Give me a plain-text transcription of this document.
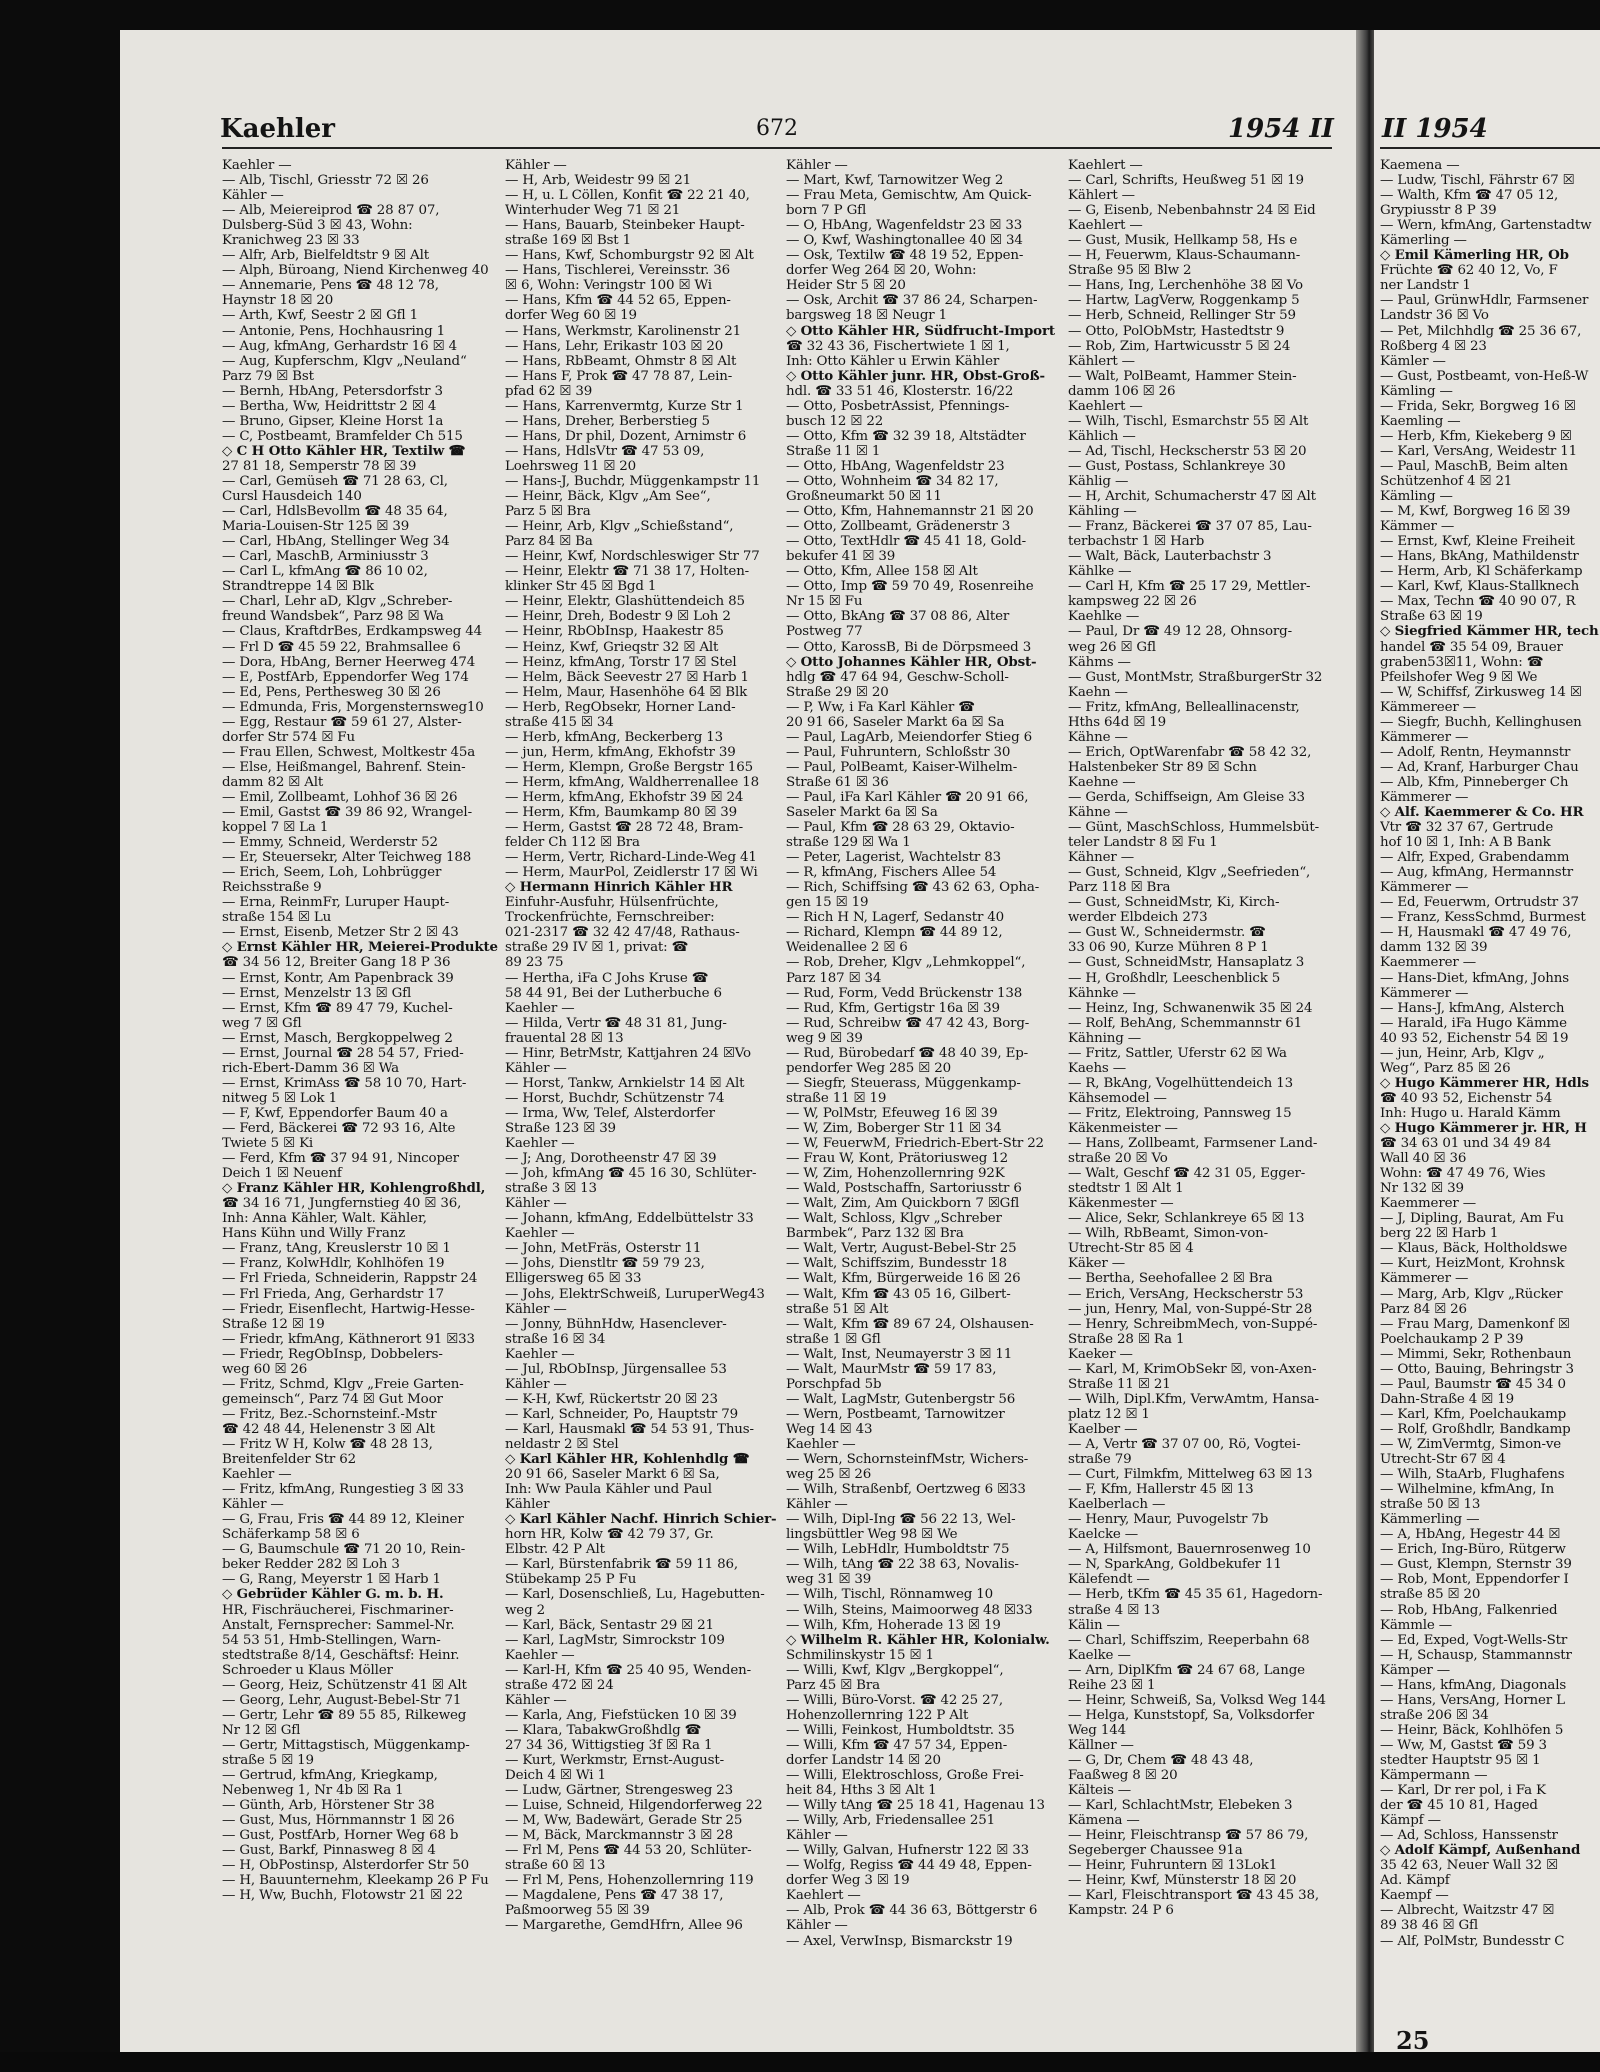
Kaehler	672	1954 II II 1954
Kaehler —
— Alb, Tischl, Griesstr 72 ☒ 26
Kähler —
— Alb, Meiereiprod ☎ 28 87 07,
Dulsberg-Süd 3 ☒ 43, Wohn:
Kranichweg 23 ☒ 33
— Alfr, Arb, Bielfeldtstr 9 ☒ Alt
— Alph, Büroang, Niend Kirchenweg 40
— Annemarie, Pens ☎ 48 12 78,
Haynstr 18 ☒ 20
— Arth, Kwf, Seestr 2 ☒ Gfl 1
— Antonie, Pens, Hochhausring 1
— Aug, kfmAng, Gerhardstr 16 ☒ 4
— Aug, Kupferschm, Klgv „Neuland“
Parz 79 ☒ Bst
— Bernh, HbAng, Petersdorfstr 3
— Bertha, Ww, Heidrittstr 2 ☒ 4
— Bruno, Gipser, Kleine Horst 1a
— C, Postbeamt, Bramfelder Ch 515
◇ C H Otto Kähler HR, Textilw ☎
27 81 18, Semperstr 78 ☒ 39
— Carl, Gemüseh ☎ 71 28 63, Cl,
Cursl Hausdeich 140
— Carl, HdlsBevollm ☎ 48 35 64,
Maria-Louisen-Str 125 ☒ 39
— Carl, HbAng, Stellinger Weg 34
— Carl, MaschB, Arminiusstr 3
— Carl L, kfmAng ☎ 86 10 02,
Strandtreppe 14 ☒ Blk
— Charl, Lehr aD, Klgv „Schreber-
freund Wandsbek“, Parz 98 ☒ Wa
— Claus, KraftdrBes, Erdkampsweg 44
— Frl D ☎ 45 59 22, Brahmsallee 6
— Dora, HbAng, Berner Heerweg 474
— E, PostfArb, Eppendorfer Weg 174
— Ed, Pens, Perthesweg 30 ☒ 26
— Edmunda, Fris, Morgensternsweg10
— Egg, Restaur ☎ 59 61 27, Alster-
dorfer Str 574 ☒ Fu
— Frau Ellen, Schwest, Moltkestr 45a
— Else, Heißmangel, Bahrenf. Stein-
damm 82 ☒ Alt
— Emil, Zollbeamt, Lohhof 36 ☒ 26
— Emil, Gastst ☎ 39 86 92, Wrangel-
koppel 7 ☒ La 1
— Emmy, Schneid, Werderstr 52
— Er, Steuersekr, Alter Teichweg 188
— Erich, Seem, Loh, Lohbrügger
Reichsstraße 9
— Erna, ReinmFr, Luruper Haupt-
straße 154 ☒ Lu
— Ernst, Eisenb, Metzer Str 2 ☒ 43
◇ Ernst Kähler HR, Meierei-Produkte
☎ 34 56 12, Breiter Gang 18 P 36
— Ernst, Kontr, Am Papenbrack 39
— Ernst, Menzelstr 13 ☒ Gfl
— Ernst, Kfm ☎ 89 47 79, Kuchel-
weg 7 ☒ Gfl
— Ernst, Masch, Bergkoppelweg 2
— Ernst, Journal ☎ 28 54 57, Fried-
rich-Ebert-Damm 36 ☒ Wa
— Ernst, KrimAss ☎ 58 10 70, Hart-
nitweg 5 ☒ Lok 1
— F, Kwf, Eppendorfer Baum 40 a
— Ferd, Bäckerei ☎ 72 93 16, Alte
Twiete 5 ☒ Ki
— Ferd, Kfm ☎ 37 94 91, Nincoper
Deich 1 ☒ Neuenf
◇ Franz Kähler HR, Kohlengroßhdl,
☎ 34 16 71, Jungfernstieg 40 ☒ 36,
Inh: Anna Kähler, Walt. Kähler,
Hans Kühn und Willy Franz
— Franz, tAng, Kreuslerstr 10 ☒ 1
— Franz, KolwHdlr, Kohlhöfen 19
— Frl Frieda, Schneiderin, Rappstr 24
— Frl Frieda, Ang, Gerhardstr 17
— Friedr, Eisenflecht, Hartwig-Hesse-
Straße 12 ☒ 19
— Friedr, kfmAng, Käthnerort 91 ☒33
— Friedr, RegObInsp, Dobbelers-
weg 60 ☒ 26
— Fritz, Schmd, Klgv „Freie Garten-
gemeinsch“, Parz 74 ☒ Gut Moor
— Fritz, Bez.-Schornsteinf.-Mstr
☎ 42 48 44, Helenenstr 3 ☒ Alt
— Fritz W H, Kolw ☎ 48 28 13,
Breitenfelder Str 62
Kaehler —
— Fritz, kfmAng, Rungestieg 3 ☒ 33
Kähler —
— G, Frau, Fris ☎ 44 89 12, Kleiner
Schäferkamp 58 ☒ 6
— G, Baumschule ☎ 71 20 10, Rein-
beker Redder 282 ☒ Loh 3
— G, Rang, Meyerstr 1 ☒ Harb 1
◇ Gebrüder Kähler G. m. b. H.
HR, Fischräucherei, Fischmariner-
Anstalt, Fernsprecher: Sammel-Nr.
54 53 51, Hmb-Stellingen, Warn-
stedtstraße 8/14, Geschäftsf: Heinr.
Schroeder u Klaus Möller
— Georg, Heiz, Schützenstr 41 ☒ Alt
— Georg, Lehr, August-Bebel-Str 71
— Gertr, Lehr ☎ 89 55 85, Rilkeweg
Nr 12 ☒ Gfl
— Gertr, Mittagstisch, Müggenkamp-
straße 5 ☒ 19
— Gertrud, kfmAng, Kriegkamp,
Nebenweg 1, Nr 4b ☒ Ra 1
— Günth, Arb, Hörstener Str 38
— Gust, Mus, Hörnmannstr 1 ☒ 26
— Gust, PostfArb, Horner Weg 68 b
— Gust, Barkf, Pinnasweg 8 ☒ 4
— H, ObPostinsp, Alsterdorfer Str 50
— H, Bauunternehm, Kleekamp 26 P Fu
— H, Ww, Buchh, Flotowstr 21 ☒ 22
Kähler —
— H, Arb, Weidestr 99 ☒ 21
— H, u. L Cöllen, Konfit ☎ 22 21 40,
Winterhuder Weg 71 ☒ 21
— Hans, Bauarb, Steinbeker Haupt-
straße 169 ☒ Bst 1
— Hans, Kwf, Schomburgstr 92 ☒ Alt
— Hans, Tischlerei, Vereinsstr. 36
☒ 6, Wohn: Veringstr 100 ☒ Wi
— Hans, Kfm ☎ 44 52 65, Eppen-
dorfer Weg 60 ☒ 19
— Hans, Werkmstr, Karolinenstr 21
— Hans, Lehr, Erikastr 103 ☒ 20
— Hans, RbBeamt, Ohmstr 8 ☒ Alt
— Hans F, Prok ☎ 47 78 87, Lein-
pfad 62 ☒ 39
— Hans, Karrenvermtg, Kurze Str 1
— Hans, Dreher, Berberstieg 5
— Hans, Dr phil, Dozent, Arnimstr 6
— Hans, HdlsVtr ☎ 47 53 09,
Loehrsweg 11 ☒ 20
— Hans-J, Buchdr, Müggenkampstr 11
— Heinr, Bäck, Klgv „Am See“,
Parz 5 ☒ Bra
— Heinr, Arb, Klgv „Schießstand“,
Parz 84 ☒ Ba
— Heinr, Kwf, Nordschleswiger Str 77
— Heinr, Elektr ☎ 71 38 17, Holten-
klinker Str 45 ☒ Bgd 1
— Heinr, Elektr, Glashüttendeich 85
— Heinr, Dreh, Bodestr 9 ☒ Loh 2
— Heinr, RbObInsp, Haakestr 85
— Heinz, Kwf, Grieqstr 32 ☒ Alt
— Heinz, kfmAng, Torstr 17 ☒ Stel
— Helm, Bäck Seevestr 27 ☒ Harb 1
— Helm, Maur, Hasenhöhe 64 ☒ Blk
— Herb, RegObsekr, Horner Land-
straße 415 ☒ 34
— Herb, kfmAng, Beckerberg 13
— jun, Herm, kfmAng, Ekhofstr 39
— Herm, Klempn, Große Bergstr 165
— Herm, kfmAng, Waldherrenallee 18
— Herm, kfmAng, Ekhofstr 39 ☒ 24
— Herm, Kfm, Baumkamp 80 ☒ 39
— Herm, Gastst ☎ 28 72 48, Bram-
felder Ch 112 ☒ Bra
— Herm, Vertr, Richard-Linde-Weg 41
— Herm, MaurPol, Zeidlerstr 17 ☒ Wi
◇ Hermann Hinrich Kähler HR
Einfuhr-Ausfuhr, Hülsenfrüchte,
Trockenfrüchte, Fernschreiber:
021-2317 ☎ 32 42 47/48, Rathaus-
straße 29 IV ☒ 1, privat: ☎
89 23 75
— Hertha, iFa C Johs Kruse ☎
58 44 91, Bei der Lutherbuche 6
Kaehler —
— Hilda, Vertr ☎ 48 31 81, Jung-
frauental 28 ☒ 13
— Hinr, BetrMstr, Kattjahren 24 ☒Vo
Kähler —
— Horst, Tankw, Arnkielstr 14 ☒ Alt
— Horst, Buchdr, Schützenstr 74
— Irma, Ww, Telef, Alsterdorfer
Straße 123 ☒ 39
Kaehler —
— J; Ang, Dorotheenstr 47 ☒ 39
— Joh, kfmAng ☎ 45 16 30, Schlüter-
straße 3 ☒ 13
Kähler —
— Johann, kfmAng, Eddelbüttelstr 33
Kaehler —
— John, MetFräs, Osterstr 11
— Johs, Dienstltr ☎ 59 79 23,
Elligersweg 65 ☒ 33
— Johs, ElektrSchweiß, LuruperWeg43
Kähler —
— Jonny, BühnHdw, Hasenclever-
straße 16 ☒ 34
Kaehler —
— Jul, RbObInsp, Jürgensallee 53
Kähler —
— K-H, Kwf, Rückertstr 20 ☒ 23
— Karl, Schneider, Po, Hauptstr 79
— Karl, Hausmakl ☎ 54 53 91, Thus-
neldastr 2 ☒ Stel
◇ Karl Kähler HR, Kohlenhdlg ☎
20 91 66, Saseler Markt 6 ☒ Sa,
Inh: Ww Paula Kähler und Paul
Kähler
◇ Karl Kähler Nachf. Hinrich Schier-
horn HR, Kolw ☎ 42 79 37, Gr.
Elbstr. 42 P Alt
— Karl, Bürstenfabrik ☎ 59 11 86,
Stübekamp 25 P Fu
— Karl, Dosenschließ, Lu, Hagebutten-
weg 2
— Karl, Bäck, Sentastr 29 ☒ 21
— Karl, LagMstr, Simrockstr 109
Kaehler —
— Karl-H, Kfm ☎ 25 40 95, Wenden-
straße 472 ☒ 24
Kähler —
— Karla, Ang, Fiefstücken 10 ☒ 39
— Klara, TabakwGroßhdlg ☎
27 34 36, Wittigstieg 3f ☒ Ra 1
— Kurt, Werkmstr, Ernst-August-
Deich 4 ☒ Wi 1
— Ludw, Gärtner, Strengesweg 23
— Luise, Schneid, Hilgendorferweg 22
— M, Ww, Badewärt, Gerade Str 25
— M, Bäck, Marckmannstr 3 ☒ 28
— Frl M, Pens ☎ 44 53 20, Schlüter-
straße 60 ☒ 13
— Frl M, Pens, Hohenzollernring 119
— Magdalene, Pens ☎ 47 38 17,
Paßmoorweg 55 ☒ 39
— Margarethe, GemdHfrn, Allee 96
Kähler —
— Mart, Kwf, Tarnowitzer Weg 2
— Frau Meta, Gemischtw, Am Quick-
born 7 P Gfl
— O, HbAng, Wagenfeldstr 23 ☒ 33
— O, Kwf, Washingtonallee 40 ☒ 34
— Osk, Textilw ☎ 48 19 52, Eppen-
dorfer Weg 264 ☒ 20, Wohn:
Heider Str 5 ☒ 20
— Osk, Archit ☎ 37 86 24, Scharpen-
bargsweg 18 ☒ Neugr 1
◇ Otto Kähler HR, Südfrucht-Import
☎ 32 43 36, Fischertwiete 1 ☒ 1,
Inh: Otto Kähler u Erwin Kähler
◇ Otto Kähler junr. HR, Obst-Groß-
hdl. ☎ 33 51 46, Klosterstr. 16/22
— Otto, PosbetrAssist, Pfennings-
busch 12 ☒ 22
— Otto, Kfm ☎ 32 39 18, Altstädter
Straße 11 ☒ 1
— Otto, HbAng, Wagenfeldstr 23
— Otto, Wohnheim ☎ 34 82 17,
Großneumarkt 50 ☒ 11
— Otto, Kfm, Hahnemannstr 21 ☒ 20
— Otto, Zollbeamt, Grädenerstr 3
— Otto, TextHdlr ☎ 45 41 18, Gold-
bekufer 41 ☒ 39
— Otto, Kfm, Allee 158 ☒ Alt
— Otto, Imp ☎ 59 70 49, Rosenreihe
Nr 15 ☒ Fu
— Otto, BkAng ☎ 37 08 86, Alter
Postweg 77
— Otto, KarossB, Bi de Dörpsmeed 3
◇ Otto Johannes Kähler HR, Obst-
hdlg ☎ 47 64 94, Geschw-Scholl-
Straße 29 ☒ 20
— P, Ww, i Fa Karl Kähler ☎
20 91 66, Saseler Markt 6a ☒ Sa
— Paul, LagArb, Meiendorfer Stieg 6
— Paul, Fuhruntern, Schloßstr 30
— Paul, PolBeamt, Kaiser-Wilhelm-
Straße 61 ☒ 36
— Paul, iFa Karl Kähler ☎ 20 91 66,
Saseler Markt 6a ☒ Sa
— Paul, Kfm ☎ 28 63 29, Oktavio-
straße 129 ☒ Wa 1
— Peter, Lagerist, Wachtelstr 83
— R, kfmAng, Fischers Allee 54
— Rich, Schiffsing ☎ 43 62 63, Opha-
gen 15 ☒ 19
— Rich H N, Lagerf, Sedanstr 40
— Richard, Klempn ☎ 44 89 12,
Weidenallee 2 ☒ 6
— Rob, Dreher, Klgv „Lehmkoppel“,
Parz 187 ☒ 34
— Rud, Form, Vedd Brückenstr 138
— Rud, Kfm, Gertigstr 16a ☒ 39
— Rud, Schreibw ☎ 47 42 43, Borg-
weg 9 ☒ 39
— Rud, Bürobedarf ☎ 48 40 39, Ep-
pendorfer Weg 285 ☒ 20
— Siegfr, Steuerass, Müggenkamp-
straße 11 ☒ 19
— W, PolMstr, Efeuweg 16 ☒ 39
— W, Zim, Boberger Str 11 ☒ 34
— W, FeuerwM, Friedrich-Ebert-Str 22
— Frau W, Kont, Prätoriusweg 12
— W, Zim, Hohenzollernring 92K
— Wald, Postschaffn, Sartoriusstr 6
— Walt, Zim, Am Quickborn 7 ☒Gfl
— Walt, Schloss, Klgv „Schreber
Barmbek“, Parz 132 ☒ Bra
— Walt, Vertr, August-Bebel-Str 25
— Walt, Schiffszim, Bundesstr 18
— Walt, Kfm, Bürgerweide 16 ☒ 26
— Walt, Kfm ☎ 43 05 16, Gilbert-
straße 51 ☒ Alt
— Walt, Kfm ☎ 89 67 24, Olshausen-
straße 1 ☒ Gfl
— Walt, Inst, Neumayerstr 3 ☒ 11
— Walt, MaurMstr ☎ 59 17 83,
Porschpfad 5b
— Walt, LagMstr, Gutenbergstr 56
— Wern, Postbeamt, Tarnowitzer
Weg 14 ☒ 43
Kaehler —
— Wern, SchornsteinfMstr, Wichers-
weg 25 ☒ 26
— Wilh, Straßenbf, Oertzweg 6 ☒33
Kähler —
— Wilh, Dipl-Ing ☎ 56 22 13, Wel-
lingsbüttler Weg 98 ☒ We
— Wilh, LebHdlr, Humboldtstr 75
— Wilh, tAng ☎ 22 38 63, Novalis-
weg 31 ☒ 39
— Wilh, Tischl, Rönnamweg 10
— Wilh, Steins, Maimoorweg 48 ☒33
— Wilh, Kfm, Hoherade 13 ☒ 19
◇ Wilhelm R. Kähler HR, Kolonialw.
Schmilinskystr 15 ☒ 1
— Willi, Kwf, Klgv „Bergkoppel“,
Parz 45 ☒ Bra
— Willi, Büro-Vorst. ☎ 42 25 27,
Hohenzollernring 122 P Alt
— Willi, Feinkost, Humboldtstr. 35
— Willi, Kfm ☎ 47 57 34, Eppen-
dorfer Landstr 14 ☒ 20
— Willi, Elektroschloss, Große Frei-
heit 84, Hths 3 ☒ Alt 1
— Willy tAng ☎ 25 18 41, Hagenau 13
— Willy, Arb, Friedensallee 251
Kähler —
— Willy, Galvan, Hufnerstr 122 ☒ 33
— Wolfg, Regiss ☎ 44 49 48, Eppen-
dorfer Weg 3 ☒ 19
Kaehlert —
— Alb, Prok ☎ 44 36 63, Böttgerstr 6
Kähler —
— Axel, VerwInsp, Bismarckstr 19
Kaehlert —
— Carl, Schrifts, Heußweg 51 ☒ 19
Kählert —
— G, Eisenb, Nebenbahnstr 24 ☒ Eid
Kaehlert —
— Gust, Musik, Hellkamp 58, Hs e
— H, Feuerwm, Klaus-Schaumann-
Straße 95 ☒ Blw 2
— Hans, Ing, Lerchenhöhe 38 ☒ Vo
— Hartw, LagVerw, Roggenkamp 5
— Herb, Schneid, Rellinger Str 59
— Otto, PolObMstr, Hastedtstr 9
— Rob, Zim, Hartwicusstr 5 ☒ 24
Kählert —
— Walt, PolBeamt, Hammer Stein-
damm 106 ☒ 26
Kaehlert —
— Wilh, Tischl, Esmarchstr 55 ☒ Alt
Kählich —
— Ad, Tischl, Heckscherstr 53 ☒ 20
— Gust, Postass, Schlankreye 30
Kählig —
— H, Archit, Schumacherstr 47 ☒ Alt
Kähling —
— Franz, Bäckerei ☎ 37 07 85, Lau-
terbachstr 1 ☒ Harb
— Walt, Bäck, Lauterbachstr 3
Kählke —
— Carl H, Kfm ☎ 25 17 29, Mettler-
kampsweg 22 ☒ 26
Kaehlke —
— Paul, Dr ☎ 49 12 28, Ohnsorg-
weg 26 ☒ Gfl
Kähms —
— Gust, MontMstr, StraßburgerStr 32
Kaehn —
— Fritz, kfmAng, Belleallinacenstr,
Hths 64d ☒ 19
Kähne —
— Erich, OptWarenfabr ☎ 58 42 32,
Halstenbeker Str 89 ☒ Schn
Kaehne —
— Gerda, Schiffseign, Am Gleise 33
Kähne —
— Günt, MaschSchloss, Hummelsbüt-
teler Landstr 8 ☒ Fu 1
Kähner —
— Gust, Schneid, Klgv „Seefrieden“,
Parz 118 ☒ Bra
— Gust, SchneidMstr, Ki, Kirch-
werder Elbdeich 273
— Gust W., Schneidermstr. ☎
33 06 90, Kurze Mühren 8 P 1
— Gust, SchneidMstr, Hansaplatz 3
— H, Großhdlr, Leeschenblick 5
Kähnke —
— Heinz, Ing, Schwanenwik 35 ☒ 24
— Rolf, BehAng, Schemmannstr 61
Kähning —
— Fritz, Sattler, Uferstr 62 ☒ Wa
Kaehs —
— R, BkAng, Vogelhüttendeich 13
Kähsemodel —
— Fritz, Elektroing, Pannsweg 15
Käkenmeister —
— Hans, Zollbeamt, Farmsener Land-
straße 20 ☒ Vo
— Walt, Geschf ☎ 42 31 05, Egger-
stedtstr 1 ☒ Alt 1
Käkenmester —
— Alice, Sekr, Schlankreye 65 ☒ 13
— Wilh, RbBeamt, Simon-von-
Utrecht-Str 85 ☒ 4
Käker —
— Bertha, Seehofallee 2 ☒ Bra
— Erich, VersAng, Heckscherstr 53
— jun, Henry, Mal, von-Suppé-Str 28
— Henry, SchreibmMech, von-Suppé-
Straße 28 ☒ Ra 1
Kaeker —
— Karl, M, KrimObSekr ☒, von-Axen-
Straße 11 ☒ 21
— Wilh, Dipl.Kfm, VerwAmtm, Hansa-
platz 12 ☒ 1
Kaelber —
— A, Vertr ☎ 37 07 00, Rö, Vogtei-
straße 79
— Curt, Filmkfm, Mittelweg 63 ☒ 13
— F, Kfm, Hallerstr 45 ☒ 13
Kaelberlach —
— Henry, Maur, Puvogelstr 7b
Kaelcke —
— A, Hilfsmont, Bauernrosenweg 10
— N, SparkAng, Goldbekufer 11
Kälefendt —
— Herb, tKfm ☎ 45 35 61, Hagedorn-
straße 4 ☒ 13
Kälin —
— Charl, Schiffszim, Reeperbahn 68
Kaelke —
— Arn, DiplKfm ☎ 24 67 68, Lange
Reihe 23 ☒ 1
— Heinr, Schweiß, Sa, Volksd Weg 144
— Helga, Kunststopf, Sa, Volksdorfer
Weg 144
Källner —
— G, Dr, Chem ☎ 48 43 48,
Faaßweg 8 ☒ 20
Kälteis —
— Karl, SchlachtMstr, Elebeken 3
Kämena —
— Heinr, Fleischtransp ☎ 57 86 79,
Segeberger Chaussee 91a
— Heinr, Fuhruntern ☒ 13Lok1
— Heinr, Kwf, Münsterstr 18 ☒ 20
— Karl, Fleischtransport ☎ 43 45 38,
Kampstr. 24 P 6
Kaemena —
— Ludw, Tischl, Fährstr 67 ☒
— Walth, Kfm ☎ 47 05 12,
Grypiusstr 8 P 39
— Wern, kfmAng, Gartenstadtw
Kämerling —
◇ Emil Kämerling HR, Ob
Früchte ☎ 62 40 12, Vo, F
ner Landstr 1
— Paul, GrünwHdlr, Farmsener
Landstr 36 ☒ Vo
— Pet, Milchhdlg ☎ 25 36 67,
Roßberg 4 ☒ 23
Kämler —
— Gust, Postbeamt, von-Heß-W
Kämling —
— Frida, Sekr, Borgweg 16 ☒
Kaemling —
— Herb, Kfm, Kiekeberg 9 ☒
— Karl, VersAng, Weidestr 11
— Paul, MaschB, Beim alten
Schützenhof 4 ☒ 21
Kämling —
— M, Kwf, Borgweg 16 ☒ 39
Kämmer —
— Ernst, Kwf, Kleine Freiheit
— Hans, BkAng, Mathildenstr
— Herm, Arb, Kl Schäferkamp
— Karl, Kwf, Klaus-Stallknech
— Max, Techn ☎ 40 90 07, R
Straße 63 ☒ 19
◇ Siegfried Kämmer HR, tech
handel ☎ 35 54 09, Brauer
graben53☒11, Wohn: ☎
Pfeilshofer Weg 9 ☒ We
— W, Schiffsf, Zirkusweg 14 ☒
Kämmereer —
— Siegfr, Buchh, Kellinghusen
Kämmerer —
— Adolf, Rentn, Heymannstr
— Ad, Kranf, Harburger Chau
— Alb, Kfm, Pinneberger Ch
Kämmerer —
◇ Alf. Kaemmerer & Co. HR
Vtr ☎ 32 37 67, Gertrude
hof 10 ☒ 1, Inh: A B Bank
— Alfr, Exped, Grabendamm
— Aug, kfmAng, Hermannstr
Kämmerer —
— Ed, Feuerwm, Ortrudstr 37
— Franz, KessSchmd, Burmest
— H, Hausmakl ☎ 47 49 76,
damm 132 ☒ 39
Kaemmerer —
— Hans-Diet, kfmAng, Johns
Kämmerer —
— Hans-J, kfmAng, Alsterch
— Harald, iFa Hugo Kämme
40 93 52, Eichenstr 54 ☒ 19
— jun, Heinr, Arb, Klgv „
Weg“, Parz 85 ☒ 26
◇ Hugo Kämmerer HR, Hdls
☎ 40 93 52, Eichenstr 54
Inh: Hugo u. Harald Kämm
◇ Hugo Kämmerer jr. HR, H
☎ 34 63 01 und 34 49 84
Wall 40 ☒ 36
Wohn: ☎ 47 49 76, Wies
Nr 132 ☒ 39
Kaemmerer —
— J, Dipling, Baurat, Am Fu
berg 22 ☒ Harb 1
— Klaus, Bäck, Holtholdswe
— Kurt, HeizMont, Krohnsk
Kämmerer —
— Marg, Arb, Klgv „Rücker
Parz 84 ☒ 26
— Frau Marg, Damenkonf ☒
Poelchaukamp 2 P 39
— Mimmi, Sekr, Rothenbaun
— Otto, Bauing, Behringstr 3
— Paul, Baumstr ☎ 45 34 0
Dahn-Straße 4 ☒ 19
— Karl, Kfm, Poelchaukamp
— Rolf, Großhdlr, Bandkamp
— W, ZimVermtg, Simon-ve
Utrecht-Str 67 ☒ 4
— Wilh, StaArb, Flughafens
— Wilhelmine, kfmAng, In
straße 50 ☒ 13
Kämmerling —
— A, HbAng, Hegestr 44 ☒
— Erich, Ing-Büro, Rütgerw
— Gust, Klempn, Sternstr 39
— Rob, Mont, Eppendorfer I
straße 85 ☒ 20
— Rob, HbAng, Falkenried
Kämmle —
— Ed, Exped, Vogt-Wells-Str
— H, Schausp, Stammannstr
Kämper —
— Hans, kfmAng, Diagonals
— Hans, VersAng, Horner L
straße 206 ☒ 34
— Heinr, Bäck, Kohlhöfen 5
— Ww, M, Gastst ☎ 59 3
stedter Hauptstr 95 ☒ 1
Kämpermann —
— Karl, Dr rer pol, i Fa K
der ☎ 45 10 81, Haged
Kämpf —
— Ad, Schloss, Hanssenstr
◇ Adolf Kämpf, Außenhand
35 42 63, Neuer Wall 32 ☒
Ad. Kämpf
Kaempf —
— Albrecht, Waitzstr 47 ☒
89 38 46 ☒ Gfl
— Alf, PolMstr, Bundesstr C
25
